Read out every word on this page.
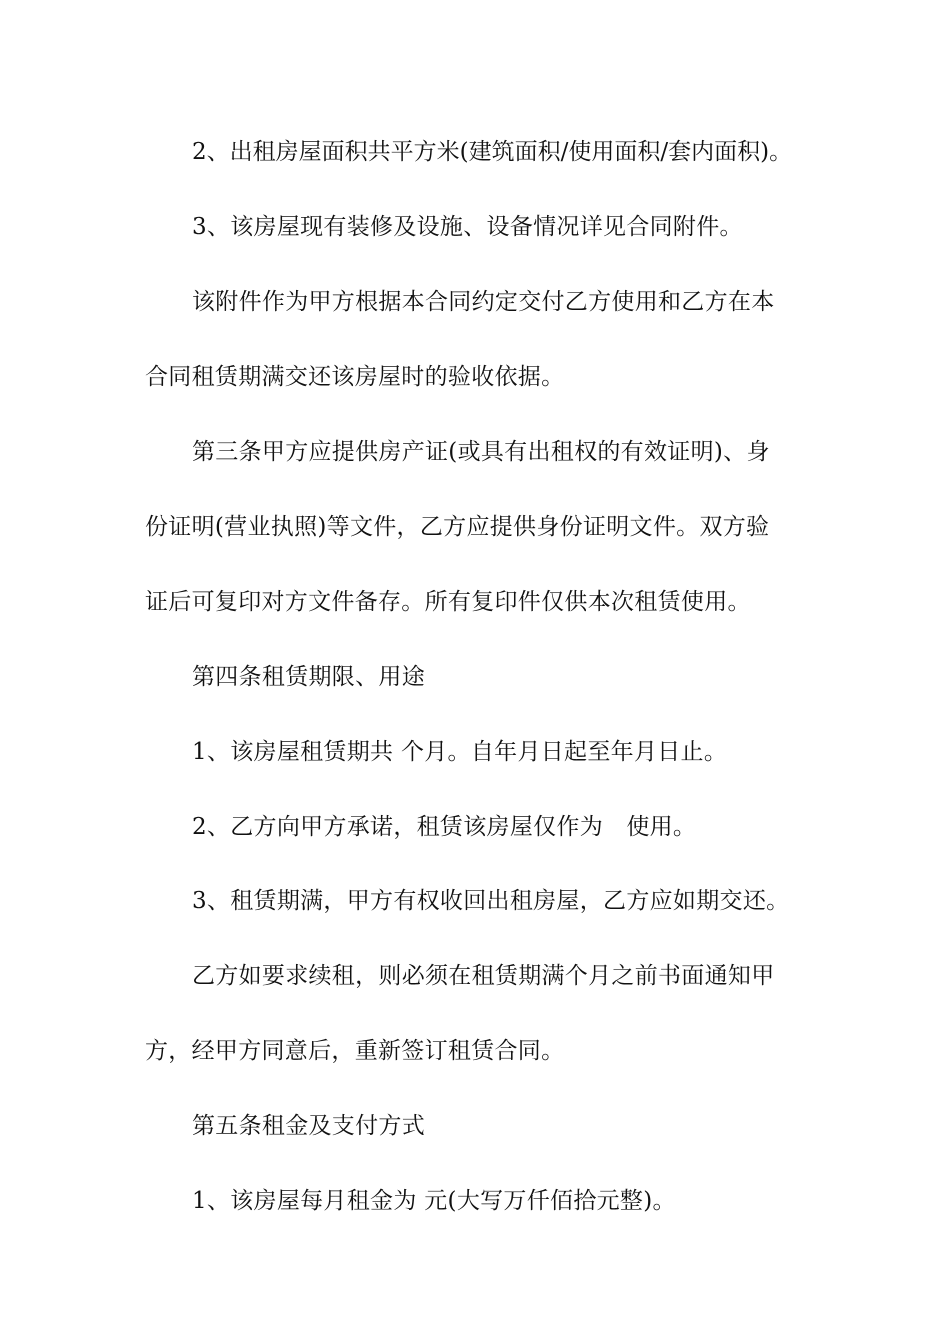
2、出租房屋面积共平方米(建筑面积/使用面积/套内面积)。
3、该房屋现有装修及设施、设备情况详见合同附件。
该附件作为甲方根据本合同约定交付乙方使用和乙方在本
合同租赁期满交还该房屋时的验收依据。
第三条甲方应提供房产证(或具有出租权的有效证明)、身
份证明(营业执照)等文件，乙方应提供身份证明文件。双方验
证后可复印对方文件备存。所有复印件仅供本次租赁使用。
第四条租赁期限、用途
1、该房屋租赁期共 个月。自年月日起至年月日止。
2、乙方向甲方承诺，租赁该房屋仅作为　使用。
3、租赁期满，甲方有权收回出租房屋，乙方应如期交还。
乙方如要求续租，则必须在租赁期满个月之前书面通知甲
方，经甲方同意后，重新签订租赁合同。
第五条租金及支付方式
1、该房屋每月租金为 元(大写万仟佰拾元整)。
